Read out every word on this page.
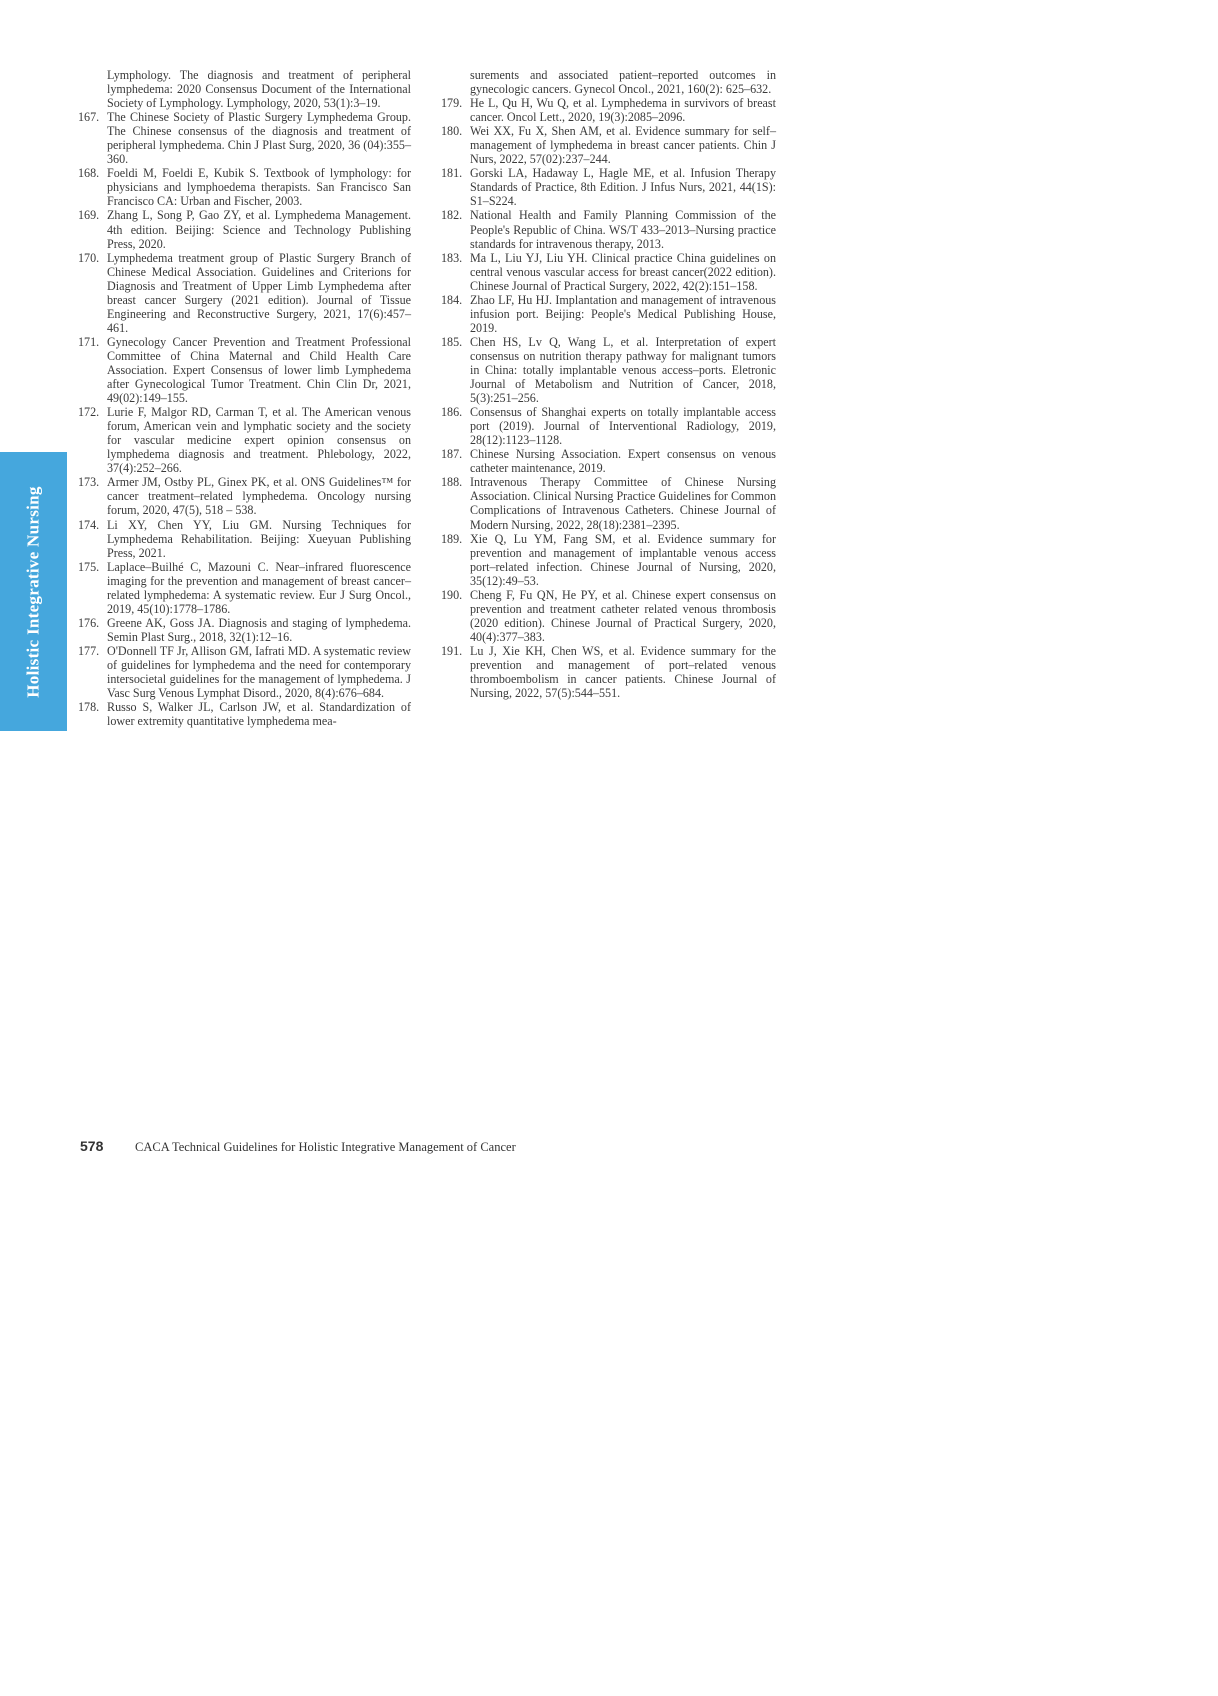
Holistic Integrative Nursing
Lymphology. The diagnosis and treatment of peripheral lymphedema: 2020 Consensus Document of the International Society of Lymphology. Lymphology, 2020, 53(1):3–19.
167. The Chinese Society of Plastic Surgery Lymphedema Group. The Chinese consensus of the diagnosis and treatment of peripheral lymphedema. Chin J Plast Surg, 2020, 36 (04):355–360.
168. Foeldi M, Foeldi E, Kubik S. Textbook of lymphology: for physicians and lymphoedema therapists. San Francisco San Francisco CA: Urban and Fischer, 2003.
169. Zhang L, Song P, Gao ZY, et al. Lymphedema Management. 4th edition. Beijing: Science and Technology Publishing Press, 2020.
170. Lymphedema treatment group of Plastic Surgery Branch of Chinese Medical Association. Guidelines and Criterions for Diagnosis and Treatment of Upper Limb Lymphedema after breast cancer Surgery (2021 edition). Journal of Tissue Engineering and Reconstructive Surgery, 2021, 17(6):457–461.
171. Gynecology Cancer Prevention and Treatment Professional Committee of China Maternal and Child Health Care Association. Expert Consensus of lower limb Lymphedema after Gynecological Tumor Treatment. Chin Clin Dr, 2021, 49(02):149–155.
172. Lurie F, Malgor RD, Carman T, et al. The American venous forum, American vein and lymphatic society and the society for vascular medicine expert opinion consensus on lymphedema diagnosis and treatment. Phlebology, 2022, 37(4):252–266.
173. Armer JM, Ostby PL, Ginex PK, et al. ONS Guidelines™ for cancer treatment–related lymphedema. Oncology nursing forum, 2020, 47(5), 518 – 538.
174. Li XY, Chen YY, Liu GM. Nursing Techniques for Lymphedema Rehabilitation. Beijing: Xueyuan Publishing Press, 2021.
175. Laplace–Builhé C, Mazouni C. Near–infrared fluorescence imaging for the prevention and management of breast cancer–related lymphedema: A systematic review. Eur J Surg Oncol., 2019, 45(10):1778–1786.
176. Greene AK, Goss JA. Diagnosis and staging of lymphedema. Semin Plast Surg., 2018, 32(1):12–16.
177. O'Donnell TF Jr, Allison GM, Iafrati MD. A systematic review of guidelines for lymphedema and the need for contemporary intersocietal guidelines for the management of lymphedema. J Vasc Surg Venous Lymphat Disord., 2020, 8(4):676–684.
178. Russo S, Walker JL, Carlson JW, et al. Standardization of lower extremity quantitative lymphedema mea-
surements and associated patient–reported outcomes in gynecologic cancers. Gynecol Oncol., 2021, 160(2): 625–632.
179. He L, Qu H, Wu Q, et al. Lymphedema in survivors of breast cancer. Oncol Lett., 2020, 19(3):2085–2096.
180. Wei XX, Fu X, Shen AM, et al. Evidence summary for self–management of lymphedema in breast cancer patients. Chin J Nurs, 2022, 57(02):237–244.
181. Gorski LA, Hadaway L, Hagle ME, et al. Infusion Therapy Standards of Practice, 8th Edition. J Infus Nurs, 2021, 44(1S): S1–S224.
182. National Health and Family Planning Commission of the People's Republic of China. WS/T 433–2013–Nursing practice standards for intravenous therapy, 2013.
183. Ma L, Liu YJ, Liu YH. Clinical practice China guidelines on central venous vascular access for breast cancer(2022 edition). Chinese Journal of Practical Surgery, 2022, 42(2):151–158.
184. Zhao LF, Hu HJ. Implantation and management of intravenous infusion port. Beijing: People's Medical Publishing House, 2019.
185. Chen HS, Lv Q, Wang L, et al. Interpretation of expert consensus on nutrition therapy pathway for malignant tumors in China: totally implantable venous access–ports. Eletronic Journal of Metabolism and Nutrition of Cancer, 2018, 5(3):251–256.
186. Consensus of Shanghai experts on totally implantable access port (2019). Journal of Interventional Radiology, 2019, 28(12):1123–1128.
187. Chinese Nursing Association. Expert consensus on venous catheter maintenance, 2019.
188. Intravenous Therapy Committee of Chinese Nursing Association. Clinical Nursing Practice Guidelines for Common Complications of Intravenous Catheters. Chinese Journal of Modern Nursing, 2022, 28(18):2381–2395.
189. Xie Q, Lu YM, Fang SM, et al. Evidence summary for prevention and management of implantable venous access port–related infection. Chinese Journal of Nursing, 2020, 35(12):49–53.
190. Cheng F, Fu QN, He PY, et al. Chinese expert consensus on prevention and treatment catheter related venous thrombosis (2020 edition). Chinese Journal of Practical Surgery, 2020, 40(4):377–383.
191. Lu J, Xie KH, Chen WS, et al. Evidence summary for the prevention and management of port–related venous thromboembolism in cancer patients. Chinese Journal of Nursing, 2022, 57(5):544–551.
578	CACA Technical Guidelines for Holistic Integrative Management of Cancer
